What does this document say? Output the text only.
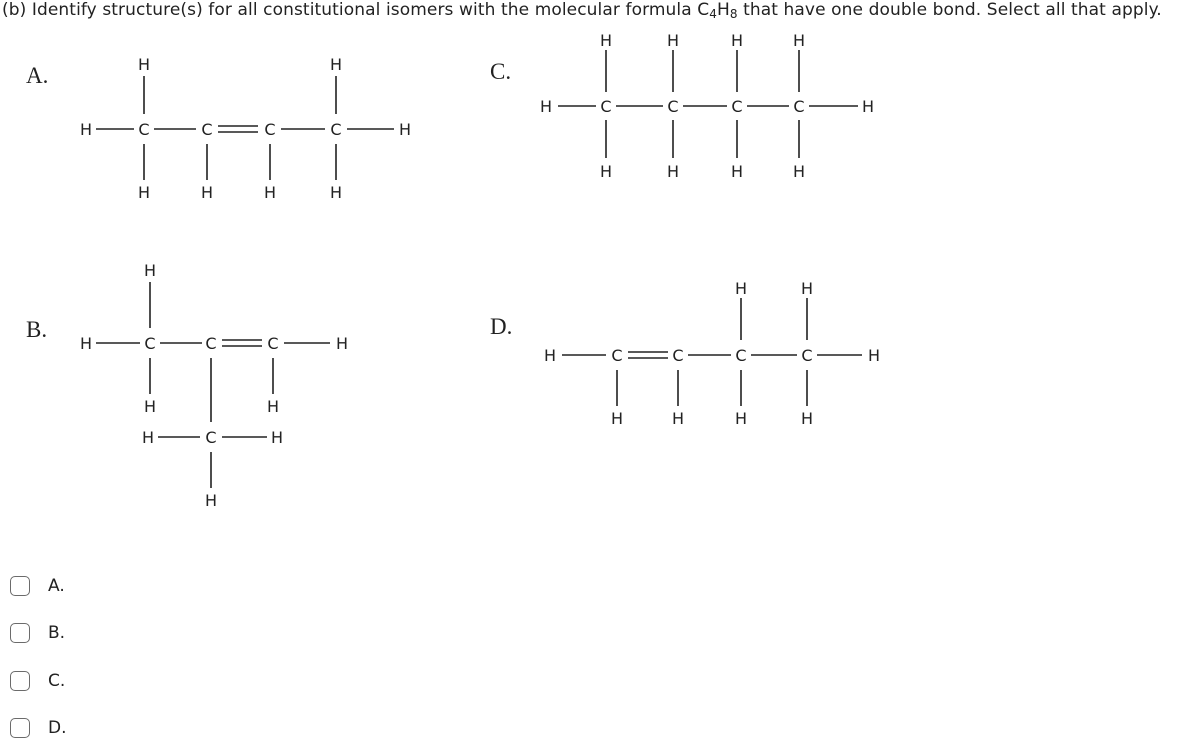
(b) Identify structure(s) for all constitutional isomers with the molecular formula $C_4H_8$ that have one double bond. Select all that apply.
A.
H	C	C	C	C	H
H	H
H	H	H	H
B.
H
H	C	C	C	H
H	H
C
H	H
H
C.
H	H	H	H
H	C	C	C	C	H
H	H	H	H
D.
H	H
H	C	C	C	C	H
H	H	H	H
A.
B.
C.
D.
